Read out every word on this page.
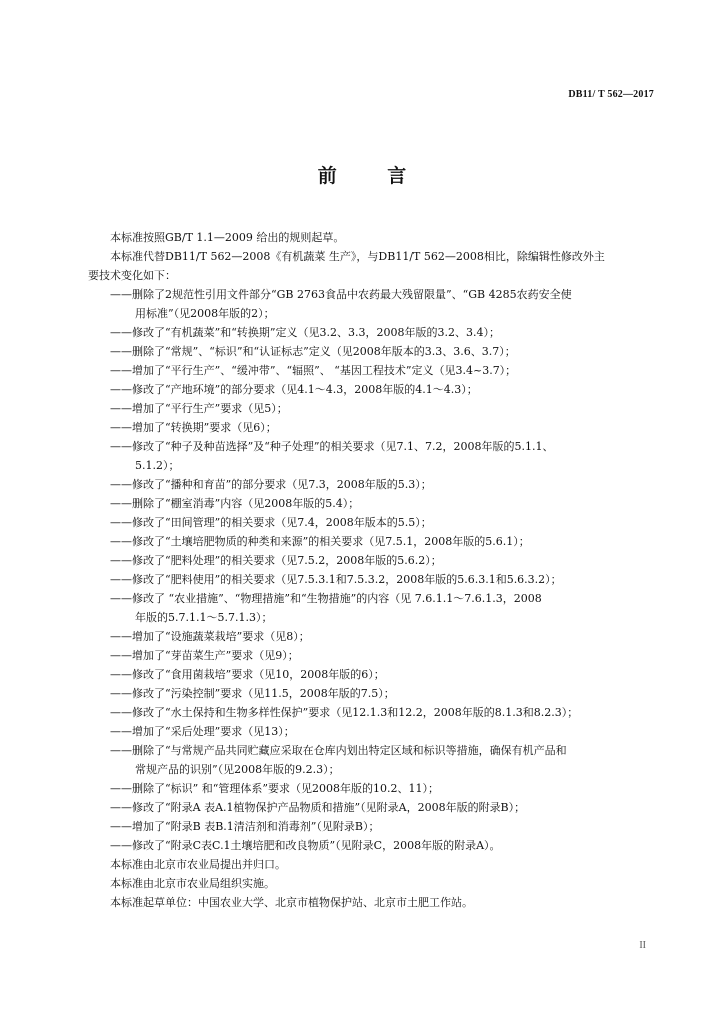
DB11/ T 562—2017
前 言

本标准按照GB/T 1.1—2009 给出的规则起草。

本标准代替DB11/T 562—2008《有机蔬菜 生产》，与DB11/T 562—2008相比，除编辑性修改外主

要技术变化如下：

——删除了2规范性引用文件部分“GB 2763食品中农药最大残留限量”、“GB 4285农药安全使
用标准”（见2008年版的2）；
——修改了“有机蔬菜”和“转换期”定义（见3.2、3.3，2008年版的3.2、3.4）；
——删除了“常规”、“标识”和“认证标志”定义（见2008年版本的3.3、3.6、3.7）；
——增加了“平行生产”、“缓冲带”、“辐照”、 “基因工程技术”定义（见3.4~3.7）；
——修改了“产地环境”的部分要求（见4.1～4.3，2008年版的4.1～4.3）；
——增加了“平行生产”要求（见5）；
——增加了“转换期”要求（见6）；
——修改了“种子及种苗选择”及“种子处理”的相关要求（见7.1、7.2，2008年版的5.1.1、
5.1.2）；
——修改了“播种和育苗”的部分要求（见7.3，2008年版的5.3）；
——删除了“棚室消毒”内容（见2008年版的5.4）；
——修改了“田间管理”的相关要求（见7.4，2008年版本的5.5）；
——修改了“土壤培肥物质的种类和来源”的相关要求（见7.5.1，2008年版的5.6.1）；
——修改了“肥料处理”的相关要求（见7.5.2，2008年版的5.6.2）；
——修改了“肥料使用”的相关要求（见7.5.3.1和7.5.3.2，2008年版的5.6.3.1和5.6.3.2）；
——修改了 “农业措施”、“物理措施”和“生物措施”的内容（见 7.6.1.1～7.6.1.3，2008
年版的5.7.1.1～5.7.1.3）；
——增加了“设施蔬菜栽培”要求（见8）；
——增加了“芽苗菜生产”要求（见9）；
——修改了“食用菌栽培”要求（见10，2008年版的6）；
——修改了“污染控制”要求（见11.5，2008年版的7.5）；
——修改了“水土保持和生物多样性保护”要求（见12.1.3和12.2，2008年版的8.1.3和8.2.3）；
——增加了“采后处理”要求（见13）；
——删除了“与常规产品共同贮藏应采取在仓库内划出特定区域和标识等措施，确保有机产品和
常规产品的识别”（见2008年版的9.2.3）；
——删除了“标识” 和“管理体系”要求（见2008年版的10.2、11）；
——修改了“附录A 表A.1植物保护产品物质和措施”（见附录A，2008年版的附录B）；
——增加了“附录B 表B.1清洁剂和消毒剂”（见附录B）；
——修改了“附录C表C.1土壤培肥和改良物质”（见附录C，2008年版的附录A）。

本标准由北京市农业局提出并归口。

本标准由北京市农业局组织实施。

本标准起草单位：中国农业大学、北京市植物保护站、北京市土肥工作站。

II
